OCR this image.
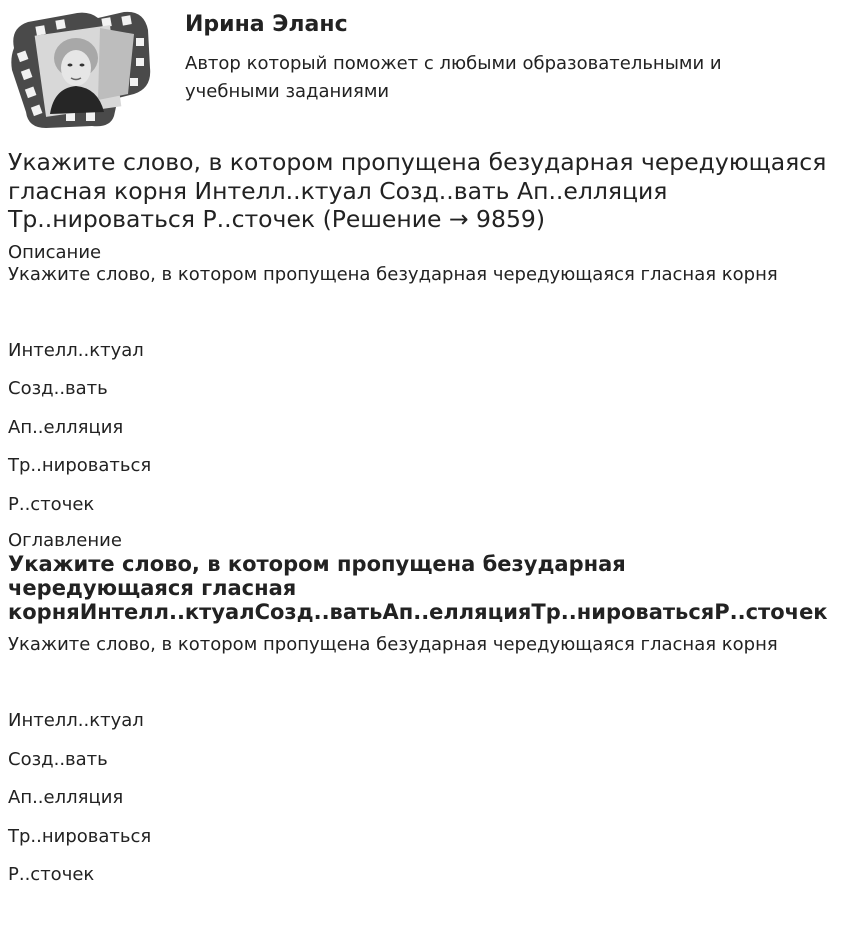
Ирина Эланс
Автор который поможет с любыми образовательными и учебными заданиями
Укажите слово, в котором пропущена безударная чередующаяся гласная корня Интелл..ктуал Созд..вать Ап..елляция Тр..нироваться Р..сточек (Решение → 9859)
Описание
Укажите слово, в котором пропущена безударная чередующаяся гласная корня
Интелл..ктуал
Созд..вать
Ап..елляция
Тр..нироваться
Р..сточек
Оглавление
Укажите слово, в котором пропущена безударная
чередующаяся гласная
корняИнтелл..ктуалСозд..ватьАп..елляцияТр..нироватьсяР..сточек
Укажите слово, в котором пропущена безударная чередующаяся гласная корня
Интелл..ктуал
Созд..вать
Ап..елляция
Тр..нироваться
Р..сточек
